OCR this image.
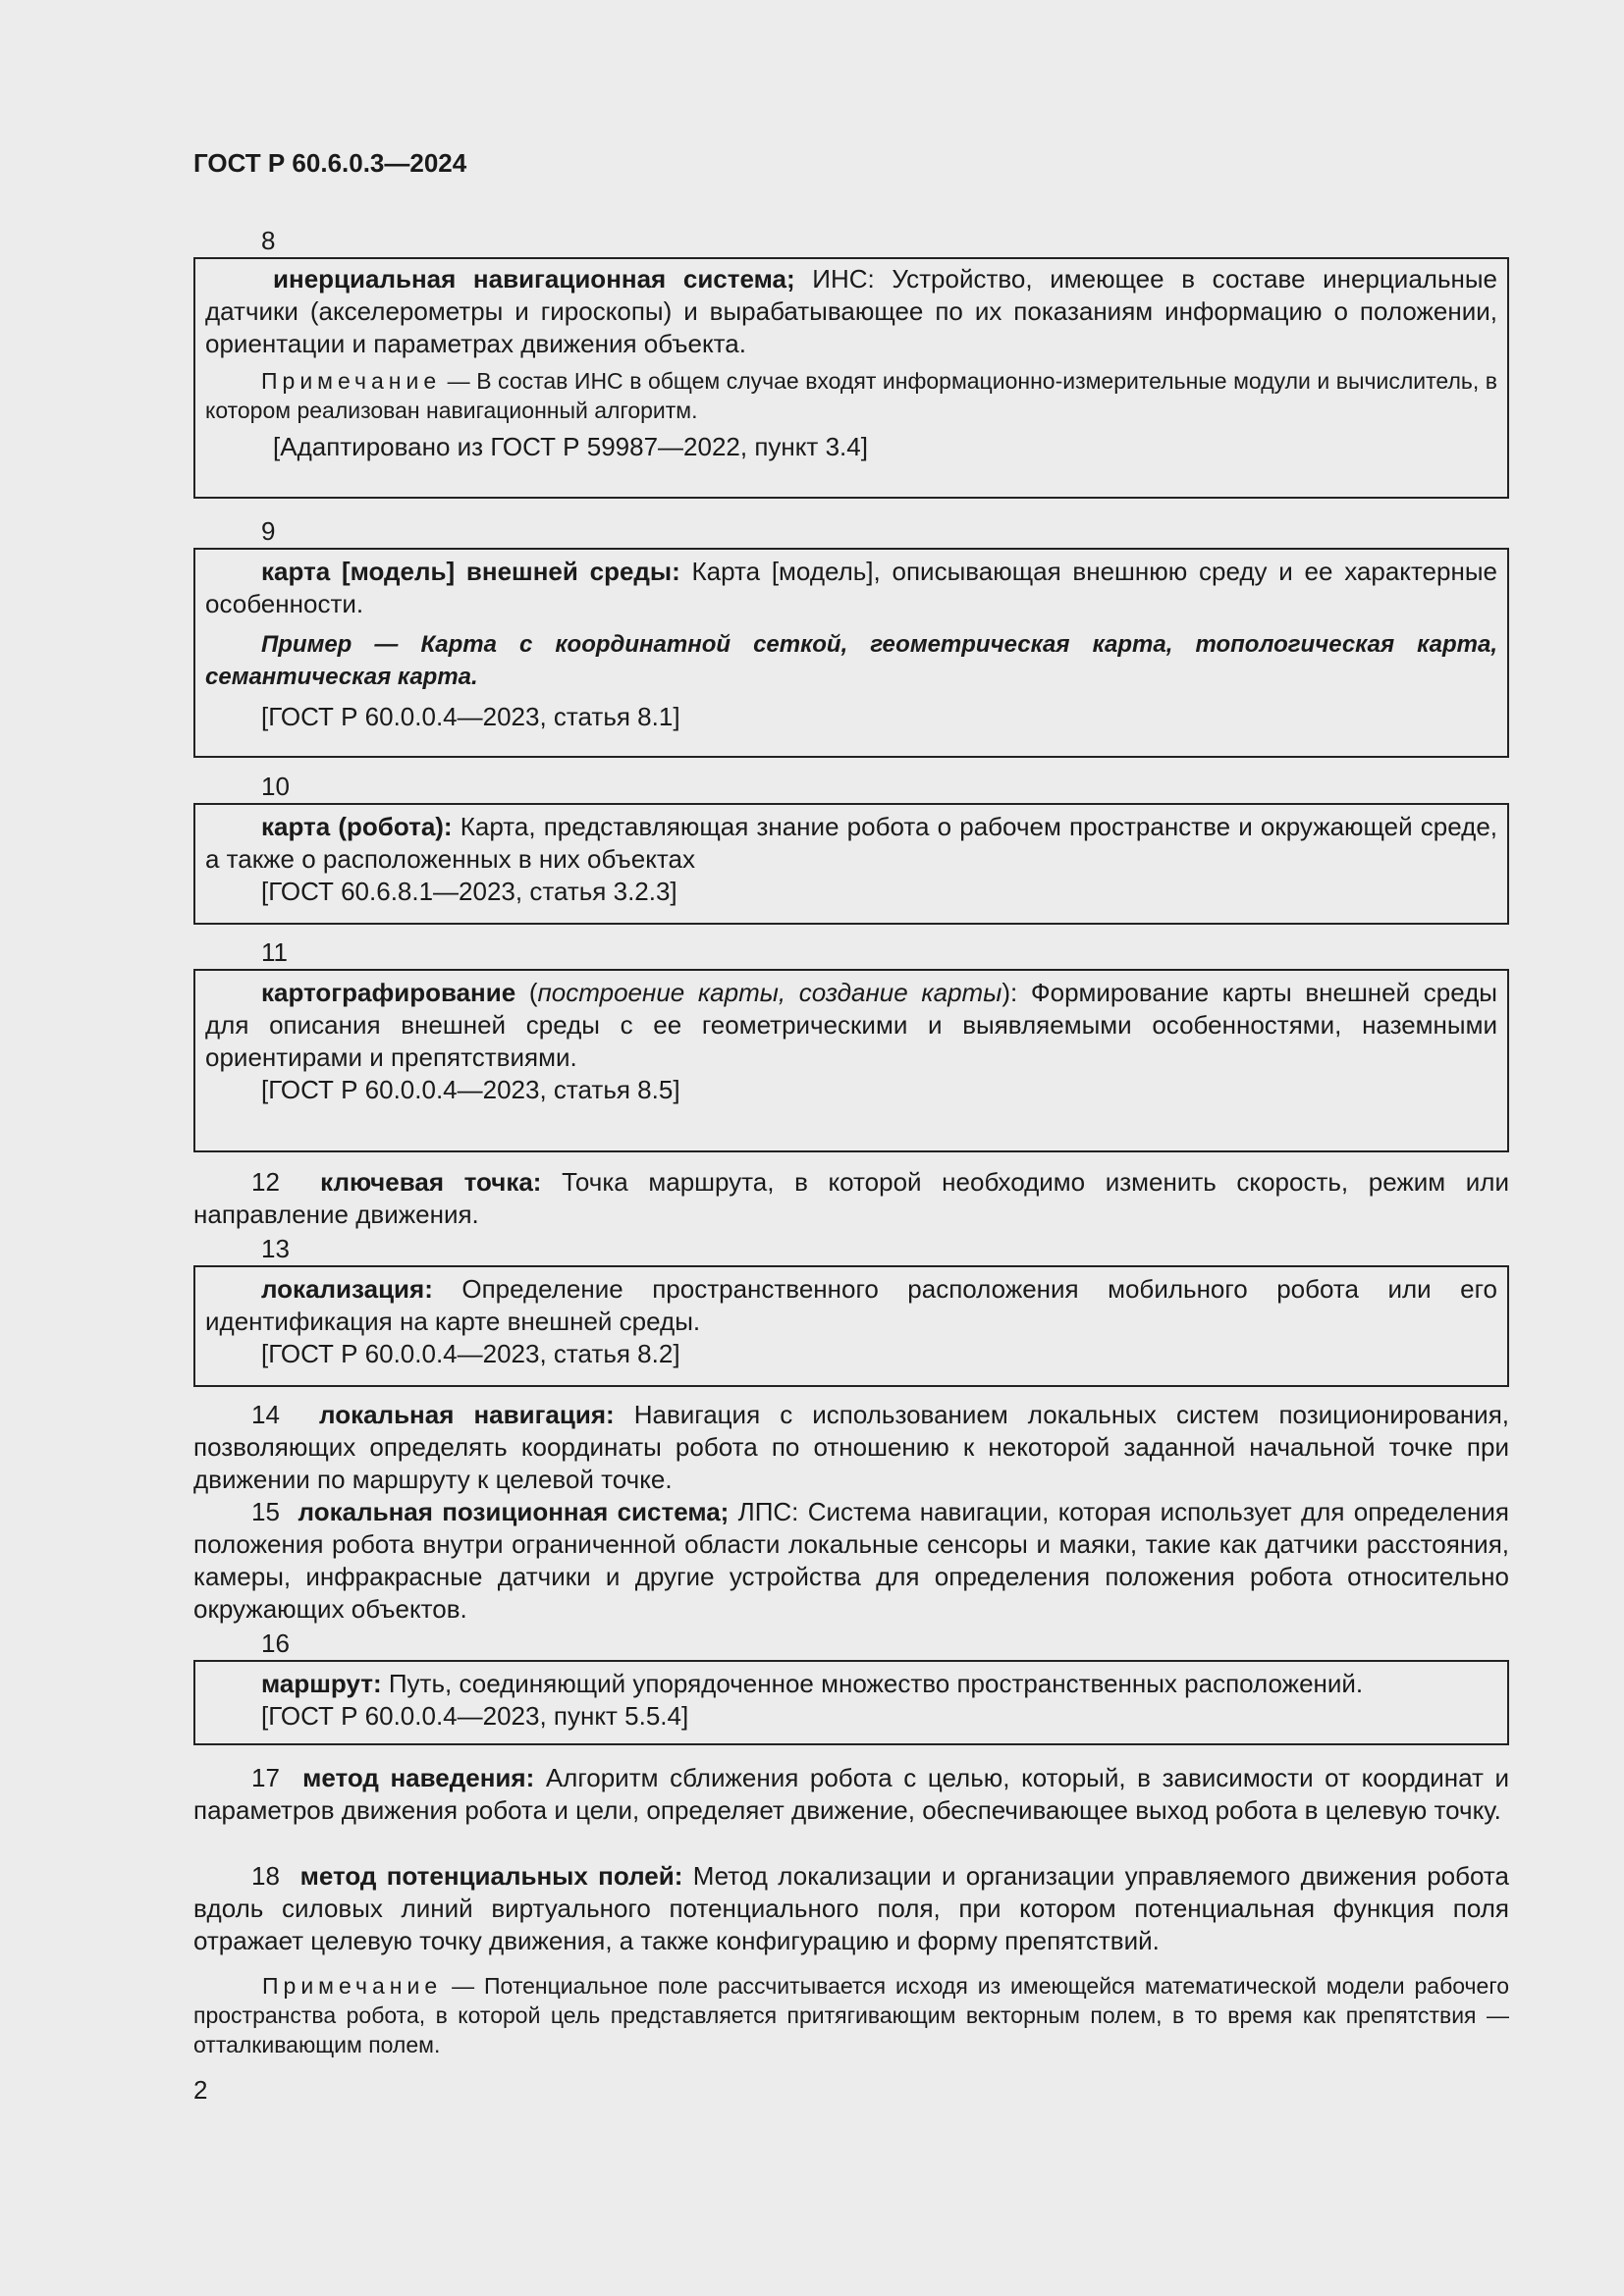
ГОСТ Р 60.6.0.3—2024
8

инерциальная навигационная система; ИНС: Устройство, имеющее в составе инерциальные датчики (акселерометры и гироскопы) и вырабатывающее по их показаниям информацию о положении, ориентации и параметрах движения объекта.

Примечание — В состав ИНС в общем случае входят информационно-измерительные модули и вычислитель, в котором реализован навигационный алгоритм.

[Адаптировано из ГОСТ Р 59987—2022, пункт 3.4]
9

карта [модель] внешней среды: Карта [модель], описывающая внешнюю среду и ее характерные особенности.

Пример — Карта с координатной сеткой, геометрическая карта, топологическая карта, семантическая карта.

[ГОСТ Р 60.0.0.4—2023, статья 8.1]
10

карта (робота): Карта, представляющая знание робота о рабочем пространстве и окружающей среде, а также о расположенных в них объектах

[ГОСТ 60.6.8.1—2023, статья 3.2.3]
11

картографирование (построение карты, создание карты): Формирование карты внешней среды для описания внешней среды с ее геометрическими и выявляемыми особенностями, наземными ориентирами и препятствиями.

[ГОСТ Р 60.0.0.4—2023, статья 8.5]

12 ключевая точка: Точка маршрута, в которой необходимо изменить скорость, режим или направление движения.

13

локализация: Определение пространственного расположения мобильного робота или его идентификация на карте внешней среды.

[ГОСТ Р 60.0.0.4—2023, статья 8.2]

14 локальная навигация: Навигация с использованием локальных систем позиционирования, позволяющих определять координаты робота по отношению к некоторой заданной начальной точке при движении по маршруту к целевой точке.

15 локальная позиционная система; ЛПС: Система навигации, которая использует для определения положения робота внутри ограниченной области локальные сенсоры и маяки, такие как датчики расстояния, камеры, инфракрасные датчики и другие устройства для определения положения робота относительно окружающих объектов.

16

маршрут: Путь, соединяющий упорядоченное множество пространственных расположений.

[ГОСТ Р 60.0.0.4—2023, пункт 5.5.4]

17 метод наведения: Алгоритм сближения робота с целью, который, в зависимости от координат и параметров движения робота и цели, определяет движение, обеспечивающее выход робота в целевую точку.

18 метод потенциальных полей: Метод локализации и организации управляемого движения робота вдоль силовых линий виртуального потенциального поля, при котором потенциальная функция поля отражает целевую точку движения, а также конфигурацию и форму препятствий.

Примечание — Потенциальное поле рассчитывается исходя из имеющейся математической модели рабочего пространства робота, в которой цель представляется притягивающим векторным полем, в то время как препятствия — отталкивающим полем.

2
